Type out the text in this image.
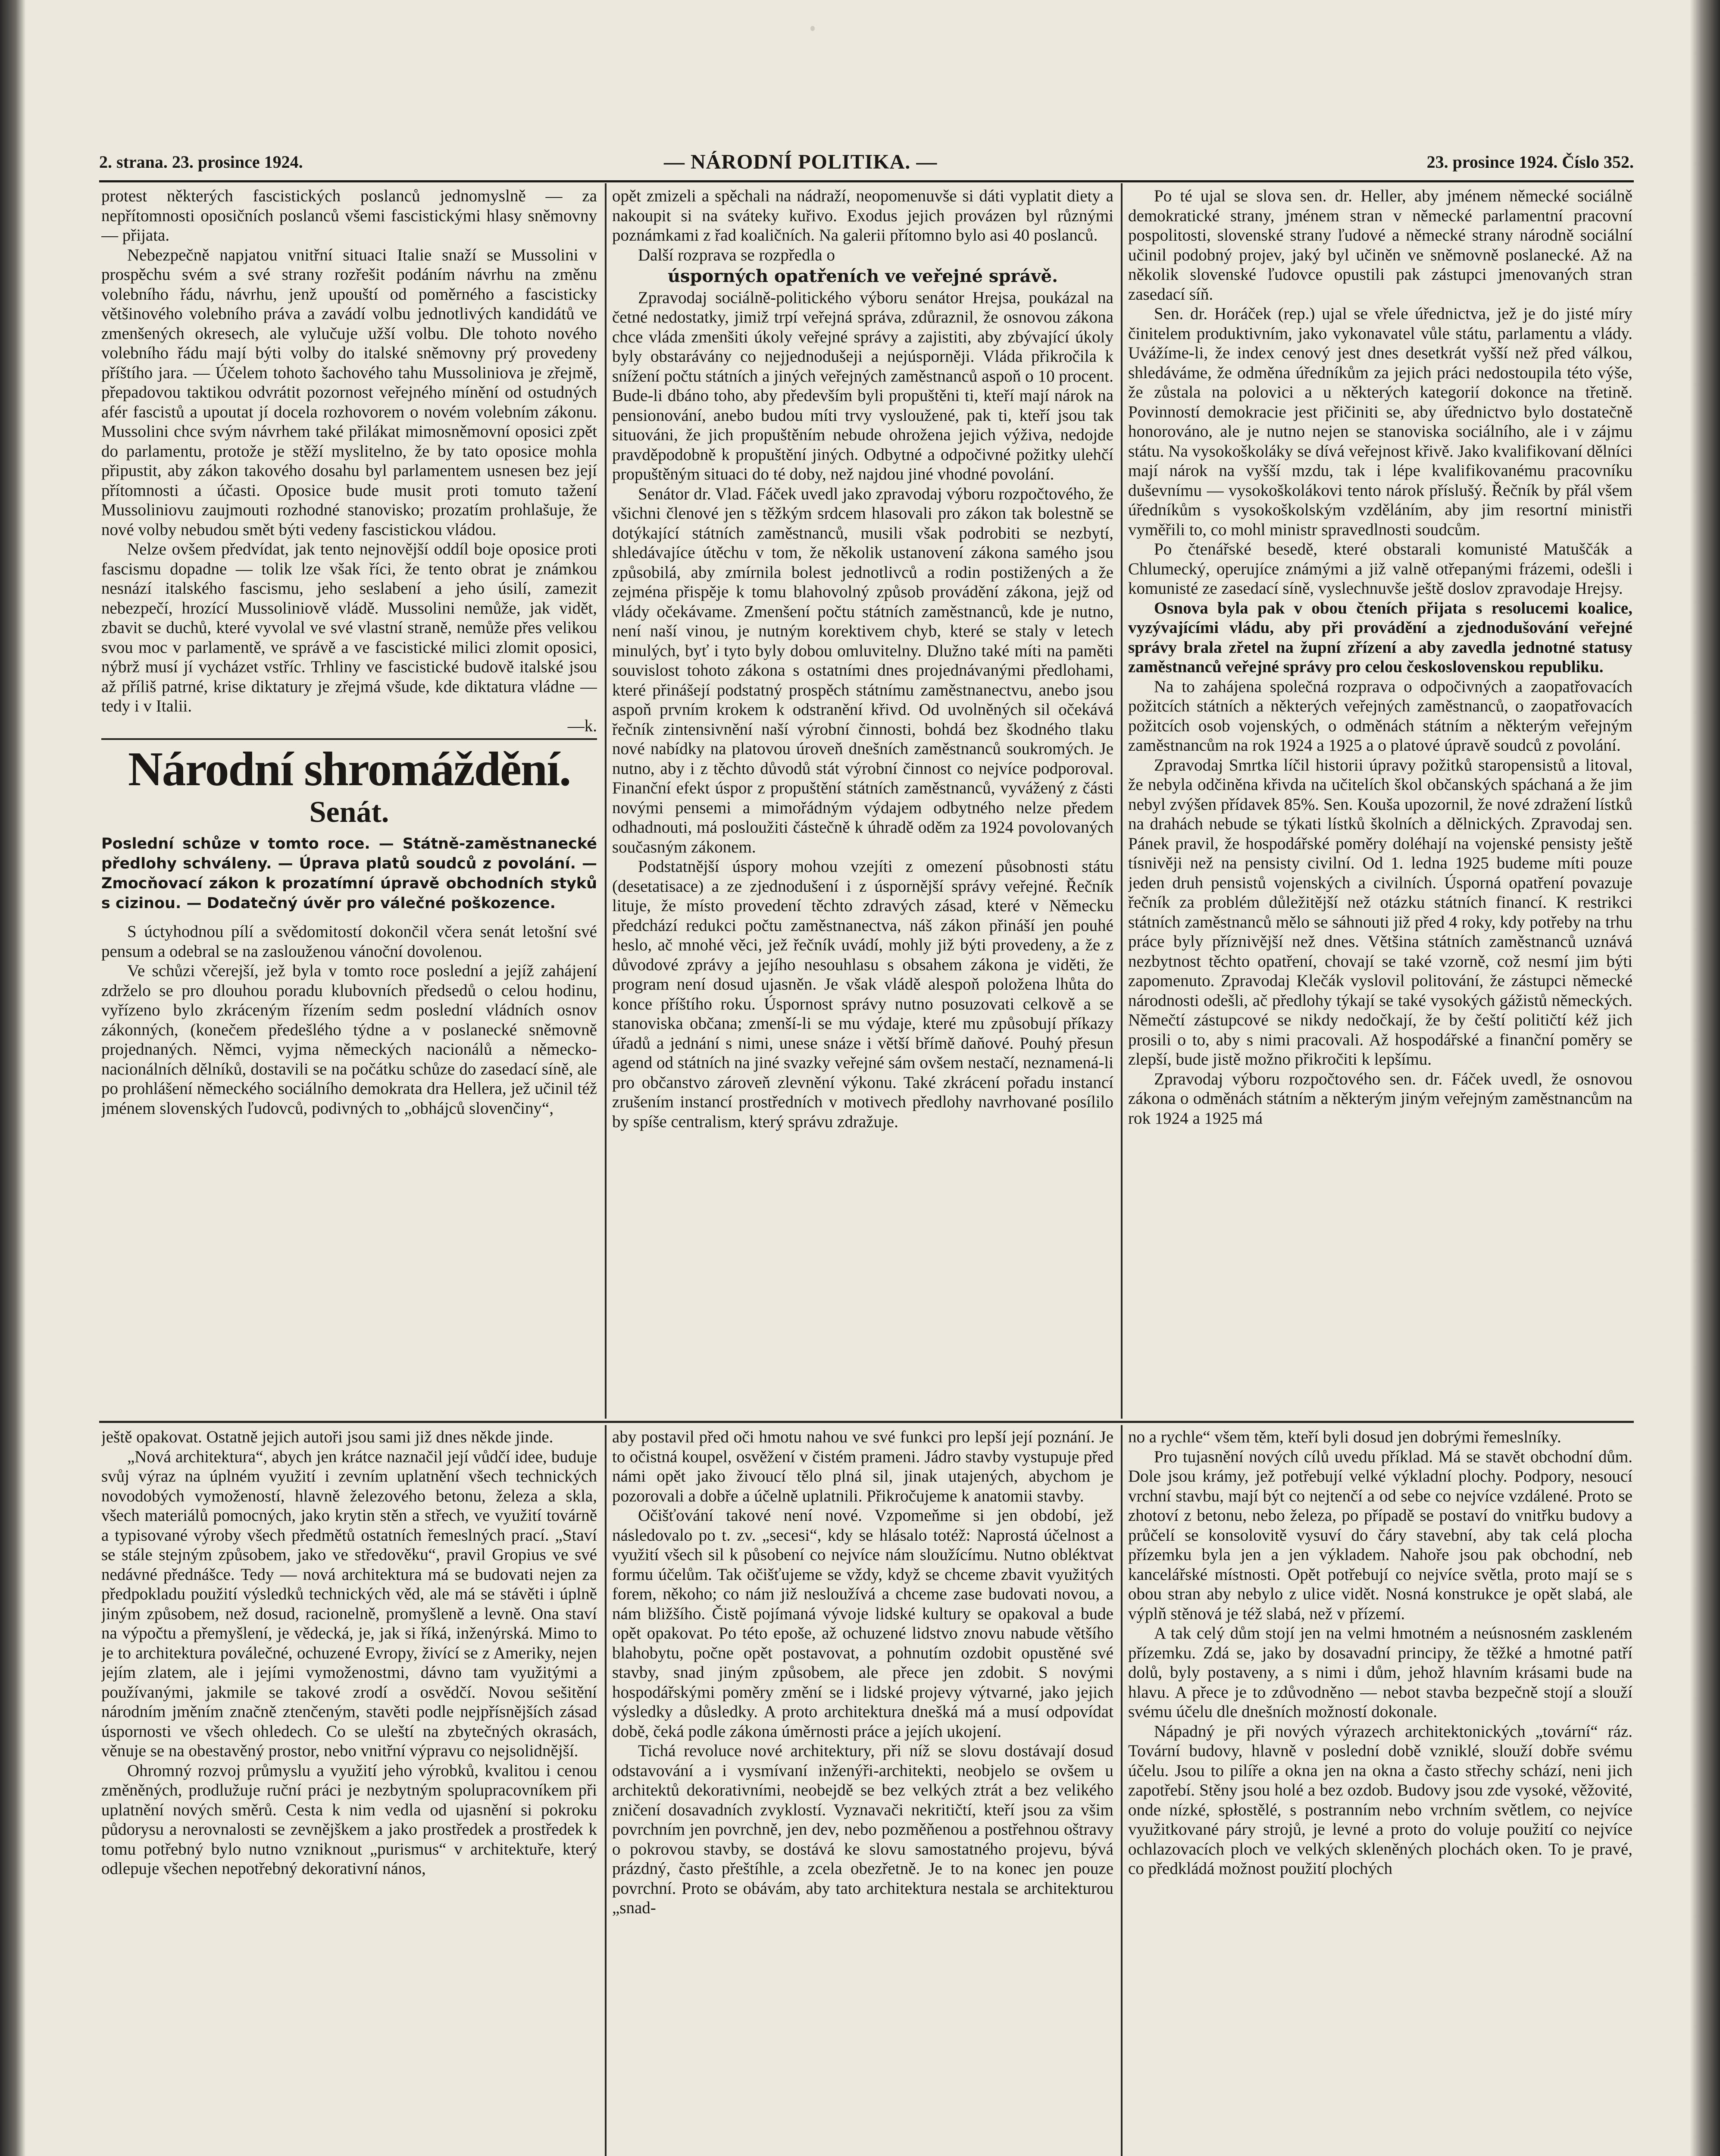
2. strana. 23. prosince 1924.	— NÁRODNÍ POLITIKA. —	23. prosince 1924. Číslo 352.

protest některých fascistických poslanců jednomyslně — za nepřítomnosti oposičních poslanců všemi fascistickými hlasy sněmovny — přijata.

Nebezpečně napjatou vnitřní situaci Italie snaží se Mussolini v prospěchu svém a své strany rozřešit podáním návrhu na změnu volebního řádu, návrhu, jenž upouští od poměrného a fascisticky většinového volebního práva a zavádí volbu jednotlivých kandidátů ve zmenšených okresech, ale vylučuje užší volbu. Dle tohoto nového volebního řádu mají býti volby do italské sněmovny prý provedeny příštího jara. — Účelem tohoto šachového tahu Mussoliniova je zřejmě, přepadovou taktikou odvrátit pozornost veřejného mínění od ostudných afér fascistů a upoutat jí docela rozhovorem o novém volebním zákonu. Mussolini chce svým návrhem také přilákat mimosněmovní oposici zpět do parlamentu, protože je stěží myslitelno, že by tato oposice mohla připustit, aby zákon takového dosahu byl parlamentem usnesen bez její přítomnosti a účasti. Oposice bude musit proti tomuto tažení Mussoliniovu zaujmouti rozhodné stanovisko; prozatím prohlašuje, že nové volby nebudou smět býti vedeny fascistickou vládou.

Nelze ovšem předvídat, jak tento nejnovější oddíl boje oposice proti fascismu dopadne — tolik lze však říci, že tento obrat je známkou nesnází italského fascismu, jeho seslabení a jeho úsilí, zamezit nebezpečí, hrozící Mussoliniově vládě. Mussolini nemůže, jak vidět, zbavit se duchů, které vyvolal ve své vlastní straně, nemůže přes velikou svou moc v parlamentě, ve správě a ve fascistické milici zlomit oposici, nýbrž musí jí vycházet vstříc. Trhliny ve fascistické budově italské jsou až příliš patrné, krise diktatury je zřejmá všude, kde diktatura vládne — tedy i v Italii.

—k.
Národní shromáždění.
Senát.
Poslední schůze v tomto roce. — Státně-zaměstnanecké předlohy schváleny. — Úprava platů soudců z povolání. — Zmocňovací zákon k prozatímní úpravě obchodních styků s cizinou. — Dodatečný úvěr pro válečné poškozence.

S úctyhodnou pílí a svědomitostí dokončil včera senát letošní své pensum a odebral se na zaslouženou vánoční dovolenou.

Ve schůzi včerejší, jež byla v tomto roce poslední a jejíž zahájení zdrželo se pro dlouhou poradu klubovních předsedů o celou hodinu, vyřízeno bylo zkráceným řízením sedm poslední vládních osnov zákonných, (konečem předešlého týdne a v poslanecké sněmovně projednaných. Němci, vyjma německých nacionálů a německo-nacionálních dělníků, dostavili se na počátku schůze do zasedací síně, ale po prohlášení německého sociálního demokrata dra Hellera, jež učinil též jménem slovenských ľudovců, podivných to „obhájců slovenčiny“,

opět zmizeli a spěchali na nádraží, neopomenuvše si dáti vyplatit diety a nakoupit si na sváteky kuřivo. Exodus jejich provázen byl různými poznámkami z řad koaličních. Na galerii přítomno bylo asi 40 poslanců.

Další rozprava se rozpředla o

úsporných opatřeních ve veřejné správě.

Zpravodaj sociálně-politického výboru senátor Hrejsa, poukázal na četné nedostatky, jimiž trpí veřejná správa, zdůraznil, že osnovou zákona chce vláda zmenšiti úkoly veřejné správy a zajistiti, aby zbývající úkoly byly obstarávány co nejjednodušeji a nejúsporněji. Vláda přikročila k snížení počtu státních a jiných veřejných zaměstnanců aspoň o 10 procent. Bude-li dbáno toho, aby především byli propuštěni ti, kteří mají nárok na pensionování, anebo budou míti trvy vysloužené, pak ti, kteří jsou tak situováni, že jich propuštěním nebude ohrožena jejich výživa, nedojde pravděpodobně k propuštění jiných. Odbytné a odpočivné požitky ulehčí propuštěným situaci do té doby, než najdou jiné vhodné povolání.

Senátor dr. Vlad. Fáček uvedl jako zpravodaj výboru rozpočtového, že všichni členové jen s těžkým srdcem hlasovali pro zákon tak bolestně se dotýkající státních zaměstnanců, musili však podrobiti se nezbytí, shledávajíce útěchu v tom, že několik ustanovení zákona samého jsou způsobilá, aby zmírnila bolest jednotlivců a rodin postižených a že zejména přispěje k tomu blahovolný způsob provádění zákona, jejž od vlády očekávame. Zmenšení počtu státních zaměstnanců, kde je nutno, není naší vinou, je nutným korektivem chyb, které se staly v letech minulých, byť i tyto byly dobou omluvitelny. Dlužno také míti na paměti souvislost tohoto zákona s ostatními dnes projednávanými předlohami, které přinášejí podstatný prospěch státnímu zaměstnanectvu, anebo jsou aspoň prvním krokem k odstranění křivd. Od uvolněných sil očekává řečník zintensivnění naší výrobní činnosti, bohdá bez škodného tlaku nové nabídky na platovou úroveň dnešních zaměstnanců soukromých. Je nutno, aby i z těchto důvodů stát výrobní činnost co nejvíce podporoval. Finanční efekt úspor z propuštění státních zaměstnanců, vyvážený z části novými pensemi a mimořádným výdajem odbytného nelze předem odhadnouti, má posloužiti částečně k úhradě oděm za 1924 povolovaných současným zákonem.

Podstatnější úspory mohou vzejíti z omezení působnosti státu (desetatisace) a ze zjednodušení i z úspornější správy veřejné. Řečník lituje, že místo provedení těchto zdravých zásad, které v Německu předchází redukci počtu zaměstnanectva, náš zákon přináší jen pouhé heslo, ač mnohé věci, jež řečník uvádí, mohly již býti provedeny, a že z důvodové zprávy a jejího nesouhlasu s obsahem zákona je viděti, že program není dosud ujasněn. Je však vládě alespoň položena lhůta do konce příštího roku. Úspornost správy nutno posuzovati celkově a se stanoviska občana; zmenší-li se mu výdaje, které mu způsobují příkazy úřadů a jednání s nimi, unese snáze i větší břímě daňové. Pouhý přesun agend od státních na jiné svazky veřejné sám ovšem nestačí, neznamená-li pro občanstvo zároveň zlevnění výkonu. Také zkrácení pořadu instancí zrušením instancí prostředních v motivech předlohy navrhované posílilo by spíše centralism, který správu zdražuje.

Po té ujal se slova sen. dr. Heller, aby jménem německé sociálně demokratické strany, jménem stran v německé parlamentní pracovní pospolitosti, slovenské strany ľudové a německé strany národně sociální učinil podobný projev, jaký byl učiněn ve sněmovně poslanecké. Až na několik slovenské ľudovce opustili pak zástupci jmenovaných stran zasedací síň.

Sen. dr. Horáček (rep.) ujal se vřele úřednictva, jež je do jisté míry činitelem produktivním, jako vykonavatel vůle státu, parlamentu a vlády. Uvážíme-li, že index cenový jest dnes desetkrát vyšší než před válkou, shledáváme, že odměna úředníkům za jejich práci nedostoupila této výše, že zůstala na polovici a u některých kategorií dokonce na třetině. Povinností demokracie jest přičiniti se, aby úřednictvo bylo dostatečně honorováno, ale je nutno nejen se stanoviska sociálního, ale i v zájmu státu. Na vysokoškoláky se dívá veřejnost křivě. Jako kvalifikovaní dělníci mají nárok na vyšší mzdu, tak i lépe kvalifikovanému pracovníku duševnímu — vysokoškolákovi tento nárok příslušý. Řečník by přál všem úředníkům s vysokoškolským vzděláním, aby jim resortní ministři vyměřili to, co mohl ministr spravedlnosti soudcům.

Po čtenářské besedě, které obstarali komunisté Matuščák a Chlumecký, operujíce známými a již valně otřepanými frázemi, odešli i komunisté ze zasedací síně, vyslechnuvše ještě doslov zpravodaje Hrejsy.

Osnova byla pak v obou čteních přijata s resolucemi koalice, vyzývajícími vládu, aby při provádění a zjednodušování veřejné správy brala zřetel na župní zřízení a aby zavedla jednotné statusy zaměstnanců veřejné správy pro celou československou republiku.

Na to zahájena společná rozprava o odpočivných a zaopatřovacích požitcích státních a některých veřejných zaměstnanců, o zaopatřovacích požitcích osob vojenských, o odměnách státním a některým veřejným zaměstnancům na rok 1924 a 1925 a o platové úpravě soudců z povolání.

Zpravodaj Smrtka líčil historii úpravy požitků staropensistů a litoval, že nebyla odčiněna křivda na učitelích škol občanských spáchaná a že jim nebyl zvýšen přídavek 85%. Sen. Kouša upozornil, že nové zdražení lístků na drahách nebude se týkati lístků školních a dělnických. Zpravodaj sen. Pánek pravil, že hospodářské poměry doléhají na vojenské pensisty ještě tísnivěji než na pensisty civilní. Od 1. ledna 1925 budeme míti pouze jeden druh pensistů vojenských a civilních. Úsporná opatření povazuje řečník za problém důležitější než otázku státních financí. K restrikci státních zaměstnanců mělo se sáhnouti již před 4 roky, kdy potřeby na trhu práce byly příznivější než dnes. Většina státních zaměstnanců uznává nezbytnost těchto opatření, chovají se také vzorně, což nesmí jim býti zapomenuto. Zpravodaj Klečák vyslovil politování, že zástupci německé národnosti odešli, ač předlohy týkají se také vysokých gážistů německých. Němečtí zástupcové se nikdy nedočkají, že by čeští političtí kéž jich prosili o to, aby s nimi pracovali. Až hospodářské a finanční poměry se zlepší, bude jistě možno přikročiti k lepšímu.

Zpravodaj výboru rozpočtového sen. dr. Fáček uvedl, že osnovou zákona o odměnách státním a některým jiným veřejným zaměstnancům na rok 1924 a 1925 má

ještě opakovat. Ostatně jejich autoři jsou sami již dnes někde jinde.

„Nová architektura“, abych jen krátce naznačil její vůdčí idee, buduje svůj výraz na úplném využití i zevním uplatnění všech technických novodobých vymožeností, hlavně železového betonu, železa a skla, všech materiálů pomocných, jako krytin stěn a střech, ve využití továrně a typisované výroby všech předmětů ostatních řemeslných prací. „Staví se stále stejným způsobem, jako ve středověku“, pravil Gropius ve své nedávné přednášce. Tedy — nová architektura má se budovati nejen za předpokladu použití výsledků technických věd, ale má se stávěti i úplně jiným způsobem, než dosud, racionelně, promyšleně a levně. Ona staví na výpočtu a přemyšlení, je vědecká, je, jak si říká, inženýrská. Mimo to je to architektura poválečné, ochuzené Evropy, živící se z Ameriky, nejen jejím zlatem, ale i jejími vymoženostmi, dávno tam využitými a používanými, jakmile se takové zrodí a osvědčí. Novou sešitění národním jměním značně ztenčeným, stavěti podle nejpřísnějších zásad úspornosti ve všech ohledech. Co se uleští na zbytečných okrasách, věnuje se na obestavěný prostor, nebo vnitřní výpravu co nejsolidnější.

Ohromný rozvoj průmyslu a využití jeho výrobků, kvalitou i cenou změněných, prodlužuje ruční práci je nezbytným spolupracovníkem při uplatnění nových směrů. Cesta k nim vedla od ujasnění si pokroku půdorysu a nerovnalosti se zevnějškem a jako prostředek a prostředek k tomu potřebný bylo nutno vzniknout „purismus“ v architektuře, který odlepuje všechen nepotřebný dekorativní nános,

aby postavil před oči hmotu nahou ve své funkci pro lepší její poznání. Je to očistná koupel, osvěžení v čistém prameni. Jádro stavby vystupuje před námi opět jako živoucí tělo plná sil, jinak utajených, abychom je pozorovali a dobře a účelně uplatnili. Přikročujeme k anatomii stavby.

Očišťování takové není nové. Vzpomeňme si jen období, jež následovalo po t. zv. „secesi“, kdy se hlásalo totéž: Naprostá účelnost a využití všech sil k působení co nejvíce nám sloužícímu. Nutno obléktvat formu účelům. Tak očišťujeme se vždy, když se chceme zbavit využitých forem, někoho; co nám již nesloužívá a chceme zase budovati novou, a nám bližšího. Čistě pojímaná vývoje lidské kultury se opakoval a bude opět opakovat. Po této epoše, až ochuzené lidstvo znovu nabude většího blahobytu, počne opět postavovat, a pohnutím ozdobit opustěné své stavby, snad jiným způsobem, ale přece jen zdobit. S novými hospodářskými poměry změní se i lidské projevy výtvarné, jako jejich výsledky a důsledky. A proto architektura dnešká má a musí odpovídat době, čeká podle zákona úměrnosti práce a jejích ukojení.

Tichá revoluce nové architektury, při níž se slovu dostávají dosud odstavování a i vysmívaní inženýři-architekti, neobjelo se ovšem u architektů dekorativními, neobejdě se bez velkých ztrát a bez velikého zničení dosavadních zvyklostí. Vyznavači nekritičtí, kteří jsou za všim povrchním jen povrchně, jen dev, nebo pozměňenou a postřehnou oštravy o pokrovou stavby, se dostává ke slovu samostatného projevu, bývá prázdný, často přeštíhle, a zcela obezřetně. Je to na konec jen pouze povrchní. Proto se obávám, aby tato architektura nestala se architekturou „snad-

no a rychle“ všem těm, kteří byli dosud jen dobrými řemeslníky.

Pro tujasnění nových cílů uvedu příklad. Má se stavět obchodní dům. Dole jsou krámy, jež potřebují velké výkladní plochy. Podpory, nesoucí vrchní stavbu, mají být co nejtenčí a od sebe co nejvíce vzdálené. Proto se zhotoví z betonu, nebo železa, po případě se postaví do vnitřku budovy a průčelí se konsolovitě vysuví do čáry stavební, aby tak celá plocha přízemku byla jen a jen výkladem. Nahoře jsou pak obchodní, neb kancelářské místnosti. Opět potřebují co nejvíce světla, proto mají se s obou stran aby nebylo z ulice vidět. Nosná konstrukce je opět slabá, ale výplň stěnová je též slabá, než v přízemí.

A tak celý dům stojí jen na velmi hmotném a neúsnosném zaskleném přízemku. Zdá se, jako by dosavadní principy, že těžké a hmotné patří dolů, byly postaveny, a s nimi i dům, jehož hlavním krásami bude na hlavu. A přece je to zdůvodněno — nebot stavba bezpečně stojí a slouží svému účelu dle dnešních možností dokonale.

Nápadný je při nových výrazech architektonických „tovární“ ráz. Tovární budovy, hlavně v poslední době vzniklé, slouží dobře svému účelu. Jsou to pilíře a okna jen na okna a často střechy schází, neni jich zapotřebí. Stěny jsou holé a bez ozdob. Budovy jsou zde vysoké, věžovité, onde nízké, spłostělé, s postranním nebo vrchním světlem, co nejvíce využitkované páry strojů, je levné a proto do voluje použití co nejvíce ochlazovacích ploch ve velkých skleněných plochách oken. To je pravé, co předkládá možnost použití plochých
